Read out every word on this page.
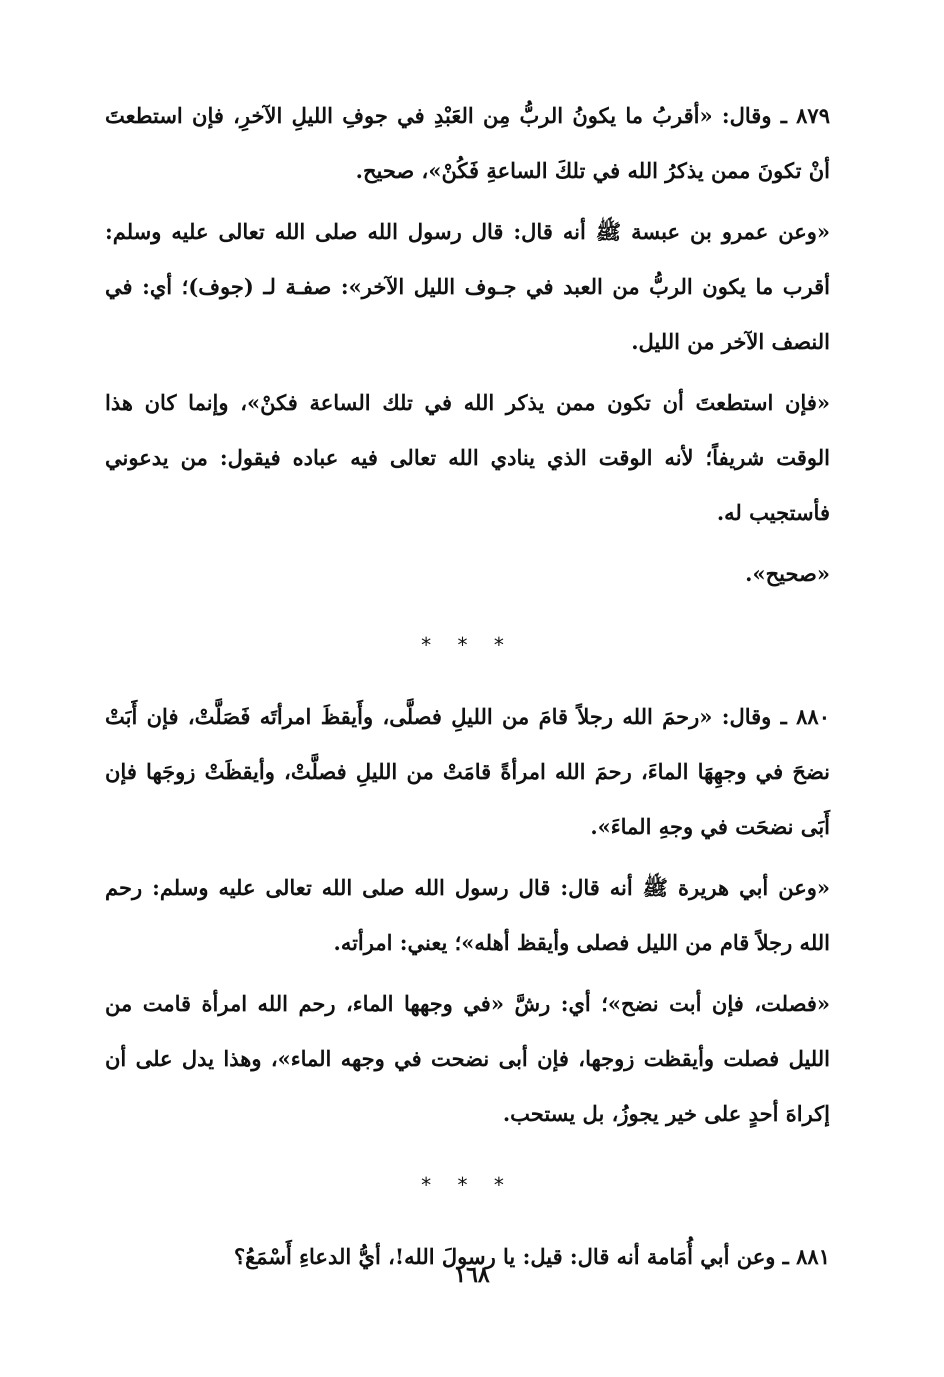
٨٧٩ ـ وقال: «أقربُ ما يكونُ الربُّ مِن العَبْدِ في جوفِ الليلِ الآخرِ، فإن استطعتَ أنْ تكونَ ممن يذكرُ الله في تلكَ الساعةِ فَكُنْ»، صحيح.

«وعن عمرو بن عبسة ﷺ أنه قال: قال رسول الله صلى الله تعالى عليه وسلم: أقرب ما يكون الربُّ من العبد في جـوف الليل الآخر»: صفـة لـ (جوف)؛ أي: في النصف الآخر من الليل.

«فإن استطعتَ أن تكون ممن يذكر الله في تلك الساعة فكنْ»، وإنما كان هذا الوقت شريفاً؛ لأنه الوقت الذي ينادي الله تعالى فيه عباده فيقول: من يدعوني فأستجيب له.

«صحيح».

* * *

٨٨٠ ـ وقال: «رحمَ الله رجلاً قامَ من الليلِ فصلَّى، وأَيقظَ امرأتَه فَصَلَّتْ، فإن أَبَتْ نضحَ في وجهِهَا الماءَ، رحمَ الله امرأةً قامَتْ من الليلِ فصلَّتْ، وأيقظَتْ زوجَها فإن أَبَى نضحَت في وجهِ الماءَ».

«وعن أبي هريرة ﷺ أنه قال: قال رسول الله صلى الله تعالى عليه وسلم: رحم الله رجلاً قام من الليل فصلى وأيقظ أهله»؛ يعني: امرأته.

«فصلت، فإن أبت نضح»؛ أي: رشَّ «في وجهها الماء، رحم الله امرأة قامت من الليل فصلت وأيقظت زوجها، فإن أبى نضحت في وجهه الماء»، وهذا يدل على أن إكراهَ أحدٍ على خير يجوزُ، بل يستحب.

* * *

٨٨١ ـ وعن أبي أُمَامة أنه قال: قيل: يا رسولَ الله!، أيُّ الدعاءِ أَسْمَعُ؟

١٦٨
